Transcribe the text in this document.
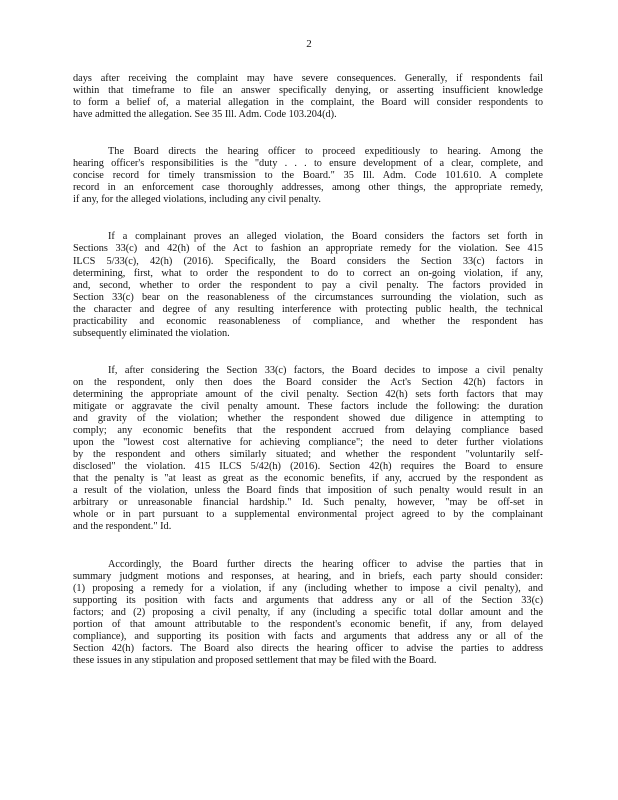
2
days after receiving the complaint may have severe consequences. Generally, if respondents fail
within that timeframe to file an answer specifically denying, or asserting insufficient knowledge
to form a belief of, a material allegation in the complaint, the Board will consider respondents to
have admitted the allegation. See 35 Ill. Adm. Code 103.204(d).
The Board directs the hearing officer to proceed expeditiously to hearing. Among the
hearing officer's responsibilities is the "duty . . . to ensure development of a clear, complete, and
concise record for timely transmission to the Board." 35 Ill. Adm. Code 101.610. A complete
record in an enforcement case thoroughly addresses, among other things, the appropriate remedy,
if any, for the alleged violations, including any civil penalty.
If a complainant proves an alleged violation, the Board considers the factors set forth in
Sections 33(c) and 42(h) of the Act to fashion an appropriate remedy for the violation. See 415
ILCS 5/33(c), 42(h) (2016). Specifically, the Board considers the Section 33(c) factors in
determining, first, what to order the respondent to do to correct an on-going violation, if any,
and, second, whether to order the respondent to pay a civil penalty. The factors provided in
Section 33(c) bear on the reasonableness of the circumstances surrounding the violation, such as
the character and degree of any resulting interference with protecting public health, the technical
practicability and economic reasonableness of compliance, and whether the respondent has
subsequently eliminated the violation.
If, after considering the Section 33(c) factors, the Board decides to impose a civil penalty
on the respondent, only then does the Board consider the Act's Section 42(h) factors in
determining the appropriate amount of the civil penalty. Section 42(h) sets forth factors that may
mitigate or aggravate the civil penalty amount. These factors include the following: the duration
and gravity of the violation; whether the respondent showed due diligence in attempting to
comply; any economic benefits that the respondent accrued from delaying compliance based
upon the "lowest cost alternative for achieving compliance"; the need to deter further violations
by the respondent and others similarly situated; and whether the respondent "voluntarily self-
disclosed" the violation. 415 ILCS 5/42(h) (2016). Section 42(h) requires the Board to ensure
that the penalty is "at least as great as the economic benefits, if any, accrued by the respondent as
a result of the violation, unless the Board finds that imposition of such penalty would result in an
arbitrary or unreasonable financial hardship." Id. Such penalty, however, "may be off-set in
whole or in part pursuant to a supplemental environmental project agreed to by the complainant
and the respondent." Id.
Accordingly, the Board further directs the hearing officer to advise the parties that in
summary judgment motions and responses, at hearing, and in briefs, each party should consider:
(1) proposing a remedy for a violation, if any (including whether to impose a civil penalty), and
supporting its position with facts and arguments that address any or all of the Section 33(c)
factors; and (2) proposing a civil penalty, if any (including a specific total dollar amount and the
portion of that amount attributable to the respondent's economic benefit, if any, from delayed
compliance), and supporting its position with facts and arguments that address any or all of the
Section 42(h) factors. The Board also directs the hearing officer to advise the parties to address
these issues in any stipulation and proposed settlement that may be filed with the Board.
